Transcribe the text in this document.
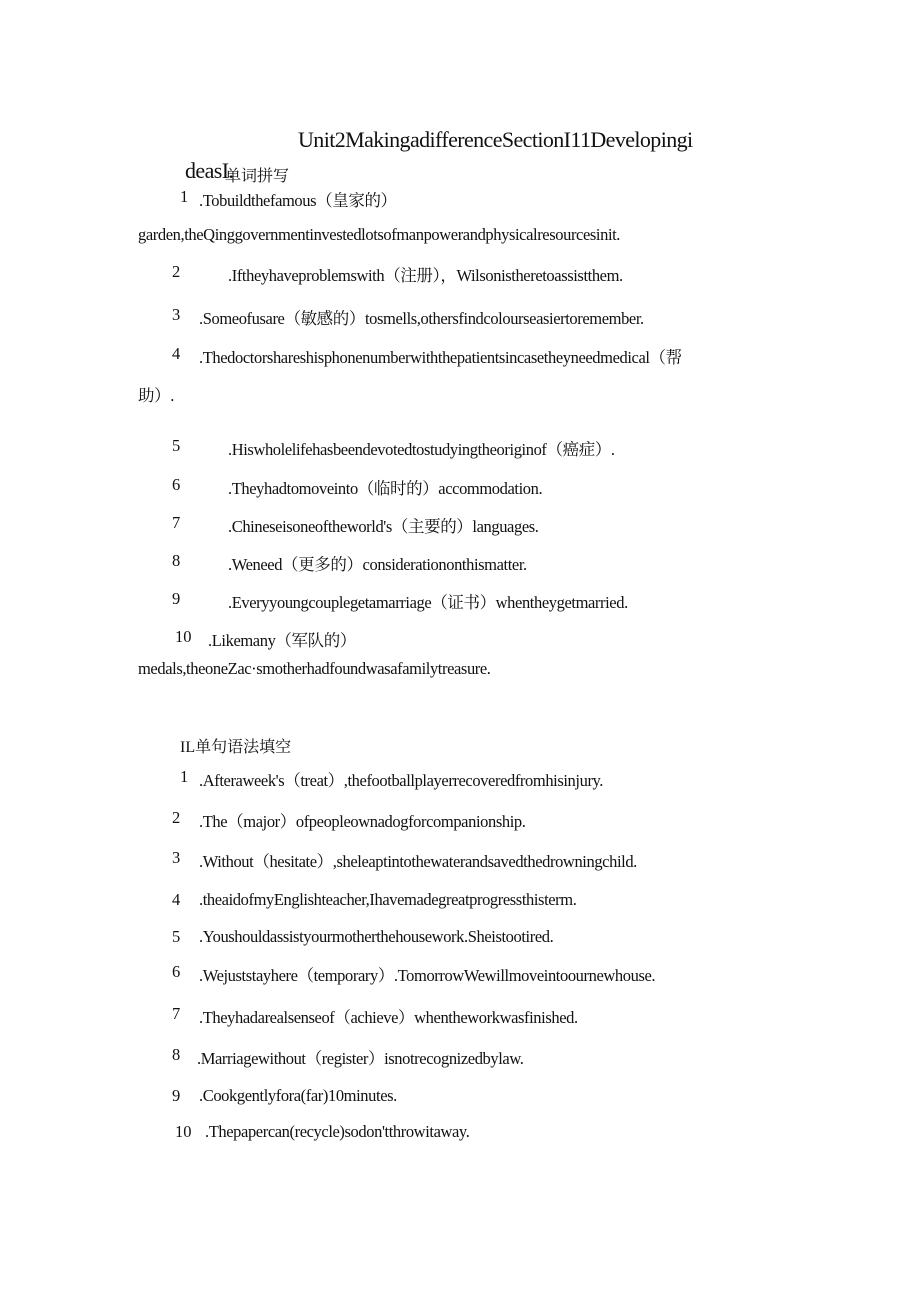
Unit2MakingadifferenceSectionI11Developingi
deasI.
单词拼写
1 .Tobuildthefamous（皇家的）
garden,theQinggovernmentinvestedlotsofmanpowerandphysicalresourcesinit.
2	.Iftheyhaveproblemswith（注册），Wilsonistheretoassistthem.
3 .Someofusare（敏感的）tosmells,othersfindcolourseasiertoremember.
4 .Thedoctorshareshisphonenumberwiththepatientsincasetheyneedmedical（帮
助）.
5	.Hiswholelifehasbeendevotedtostudyingtheoriginof（癌症）.
6	.Theyhadtomoveinto（临时的）accommodation.
7	.Chineseisoneoftheworld's（主要的）languages.
8	.Weneed（更多的）considerationonthismatter.
9	.Everyyoungcouplegetamarriage（证书）whentheygetmarried.
10 .Likemany（军队的）
medals,theoneZac·smotherhadfoundwasafamilytreasure.
IL单句语法填空
1 .Afteraweek's（treat）,thefootballplayerrecoveredfromhisinjury.
2 .The（major）ofpeopleownadogforcompanionship.
3 .Without（hesitate）,sheleaptintothewaterandsavedthedrowningchild.
4 .theaidofmyEnglishteacher,Ihavemadegreatprogressthisterm.
5 .Youshouldassistyourmotherthehousework.Sheistootired.
6 .Wejuststayhere（temporary）.TomorrowWewillmoveintoournewhouse.
7 .Theyhadarealsenseof（achieve）whentheworkwasfinished.
8 .Marriagewithout（register）isnotrecognizedbylaw.
9 .Cookgentlyfora(far)10minutes.
10 .Thepapercan(recycle)sodon'tthrowitaway.
